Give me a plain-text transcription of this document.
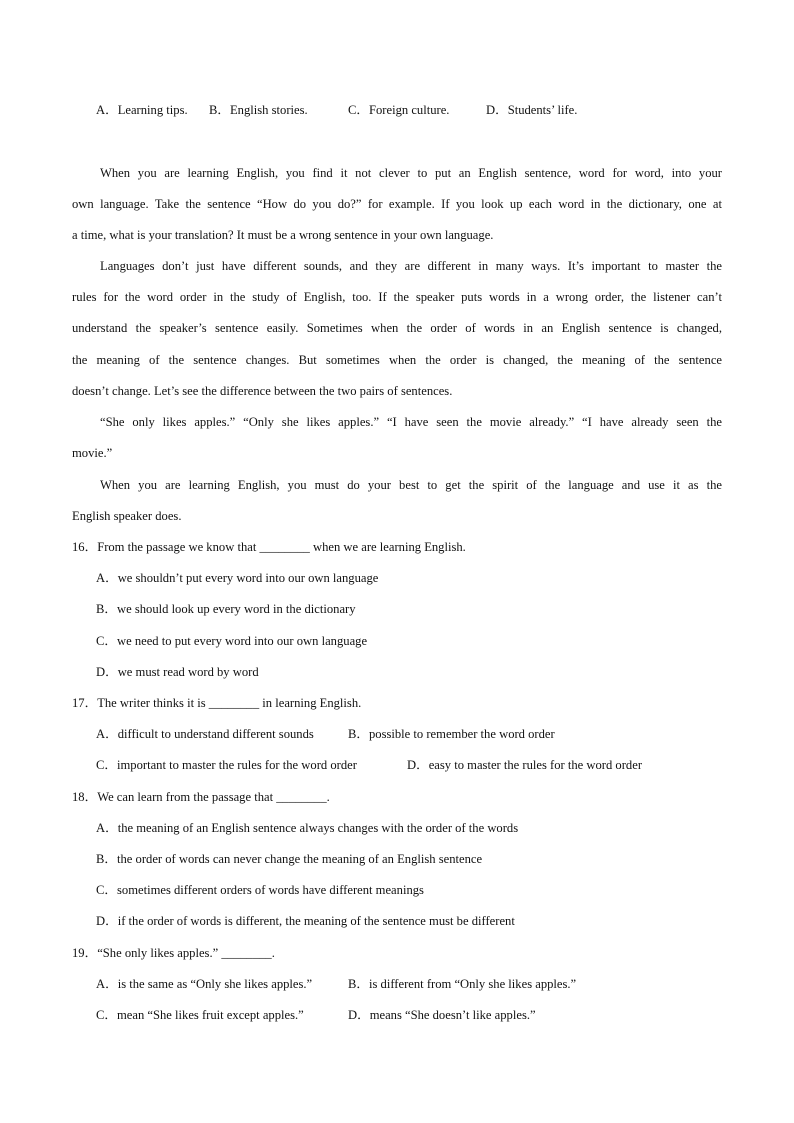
A．Learning tips. B．English stories.	C．Foreign culture.	D．Students’ life.
When you are learning English, you find it not clever to put an English sentence, word for word, into your
own language. Take the sentence “How do you do?” for example. If you look up each word in the dictionary, one at
a time, what is your translation? It must be a wrong sentence in your own language.
Languages don’t just have different sounds, and they are different in many ways. It’s important to master the
rules for the word order in the study of English, too. If the speaker puts words in a wrong order, the listener can’t
understand the speaker’s sentence easily. Sometimes when the order of words in an English sentence is changed,
the meaning of the sentence changes. But sometimes when the order is changed, the meaning of the sentence
doesn’t change. Let’s see the difference between the two pairs of sentences.
“She only likes apples.” “Only she likes apples.” “I have seen the movie already.” “I have already seen the
movie.”
When you are learning English, you must do your best to get the spirit of the language and use it as the
English speaker does.
16．From the passage we know that ________ when we are learning English.
A．we shouldn’t put every word into our own language
B．we should look up every word in the dictionary
C．we need to put every word into our own language
D．we must read word by word
17．The writer thinks it is ________ in learning English.
A．difficult to understand different sounds	B．possible to remember the word order
C．important to master the rules for the word order	D．easy to master the rules for the word order
18．We can learn from the passage that ________.
A．the meaning of an English sentence always changes with the order of the words
B．the order of words can never change the meaning of an English sentence
C．sometimes different orders of words have different meanings
D．if the order of words is different, the meaning of the sentence must be different
19．“She only likes apples.” ________.
A．is the same as “Only she likes apples.”	B．is different from “Only she likes apples.”
C．mean “She likes fruit except apples.”	D．means “She doesn’t like apples.”
